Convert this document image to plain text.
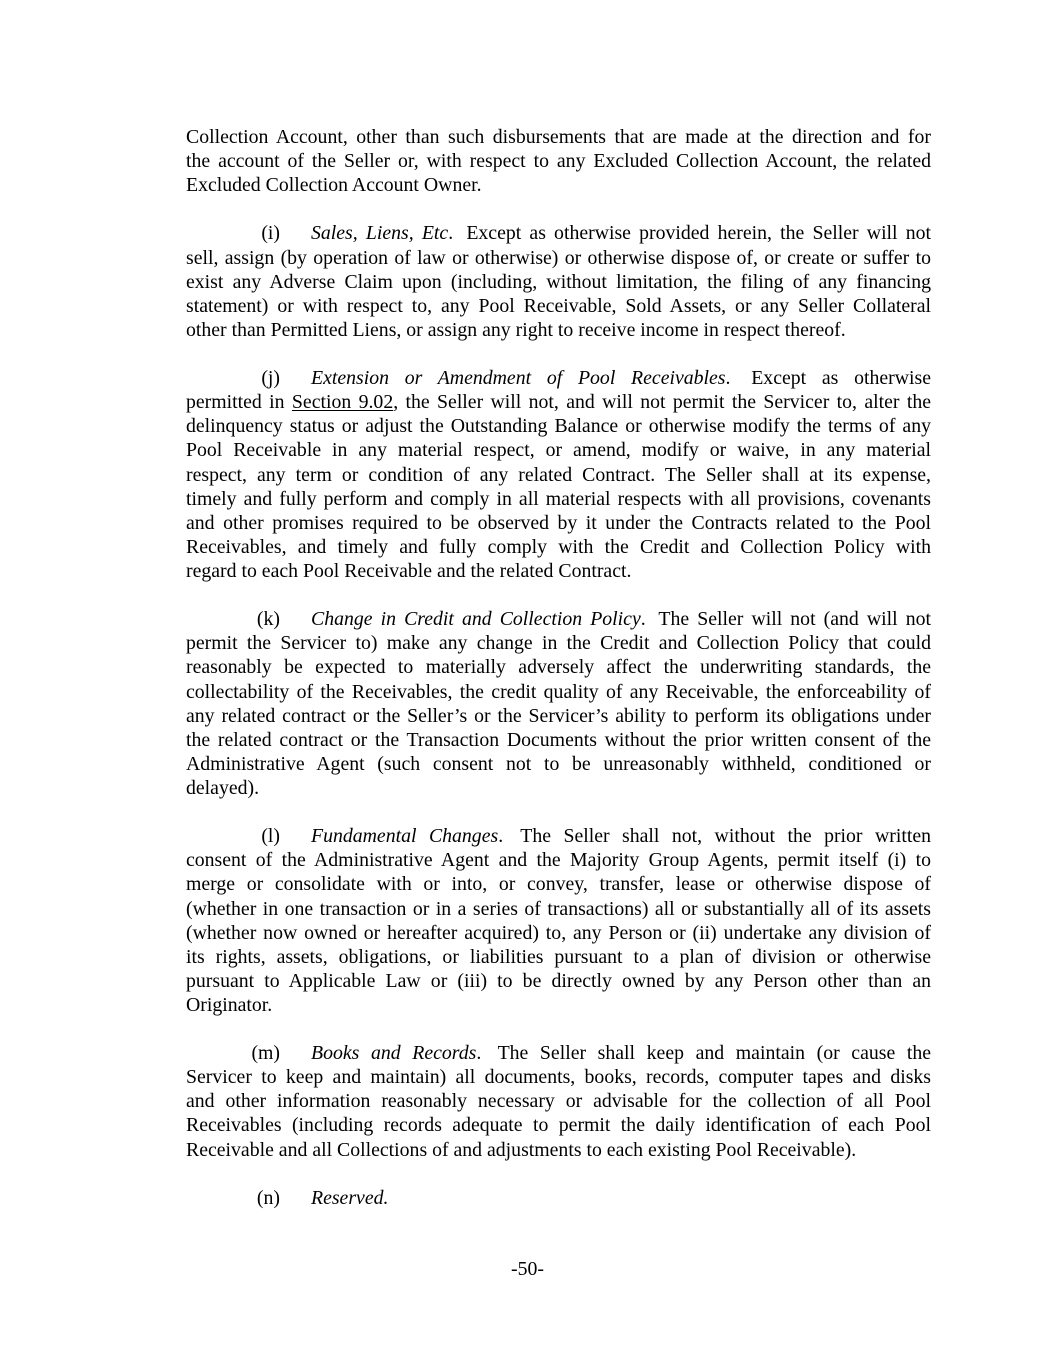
Collection Account, other than such disbursements that are made at the direction and for
the account of the Seller or, with respect to any Excluded Collection Account, the related
Excluded Collection Account Owner.
(i) Sales, Liens, Etc. Except as otherwise provided herein, the Seller will not
sell, assign (by operation of law or otherwise) or otherwise dispose of, or create or suffer to
exist any Adverse Claim upon (including, without limitation, the filing of any financing
statement) or with respect to, any Pool Receivable, Sold Assets, or any Seller Collateral
other than Permitted Liens, or assign any right to receive income in respect thereof.
(j) Extension or Amendment of Pool Receivables. Except as otherwise
permitted in Section 9.02, the Seller will not, and will not permit the Servicer to, alter the
delinquency status or adjust the Outstanding Balance or otherwise modify the terms of any
Pool Receivable in any material respect, or amend, modify or waive, in any material
respect, any term or condition of any related Contract. The Seller shall at its expense,
timely and fully perform and comply in all material respects with all provisions, covenants
and other promises required to be observed by it under the Contracts related to the Pool
Receivables, and timely and fully comply with the Credit and Collection Policy with
regard to each Pool Receivable and the related Contract.
(k) Change in Credit and Collection Policy. The Seller will not (and will not
permit the Servicer to) make any change in the Credit and Collection Policy that could
reasonably be expected to materially adversely affect the underwriting standards, the
collectability of the Receivables, the credit quality of any Receivable, the enforceability of
any related contract or the Seller’s or the Servicer’s ability to perform its obligations under
the related contract or the Transaction Documents without the prior written consent of the
Administrative Agent (such consent not to be unreasonably withheld, conditioned or
delayed).
(l) Fundamental Changes. The Seller shall not, without the prior written
consent of the Administrative Agent and the Majority Group Agents, permit itself (i) to
merge or consolidate with or into, or convey, transfer, lease or otherwise dispose of
(whether in one transaction or in a series of transactions) all or substantially all of its assets
(whether now owned or hereafter acquired) to, any Person or (ii) undertake any division of
its rights, assets, obligations, or liabilities pursuant to a plan of division or otherwise
pursuant to Applicable Law or (iii) to be directly owned by any Person other than an
Originator.
(m) Books and Records. The Seller shall keep and maintain (or cause the
Servicer to keep and maintain) all documents, books, records, computer tapes and disks
and other information reasonably necessary or advisable for the collection of all Pool
Receivables (including records adequate to permit the daily identification of each Pool
Receivable and all Collections of and adjustments to each existing Pool Receivable).
(n) Reserved.
-50-
